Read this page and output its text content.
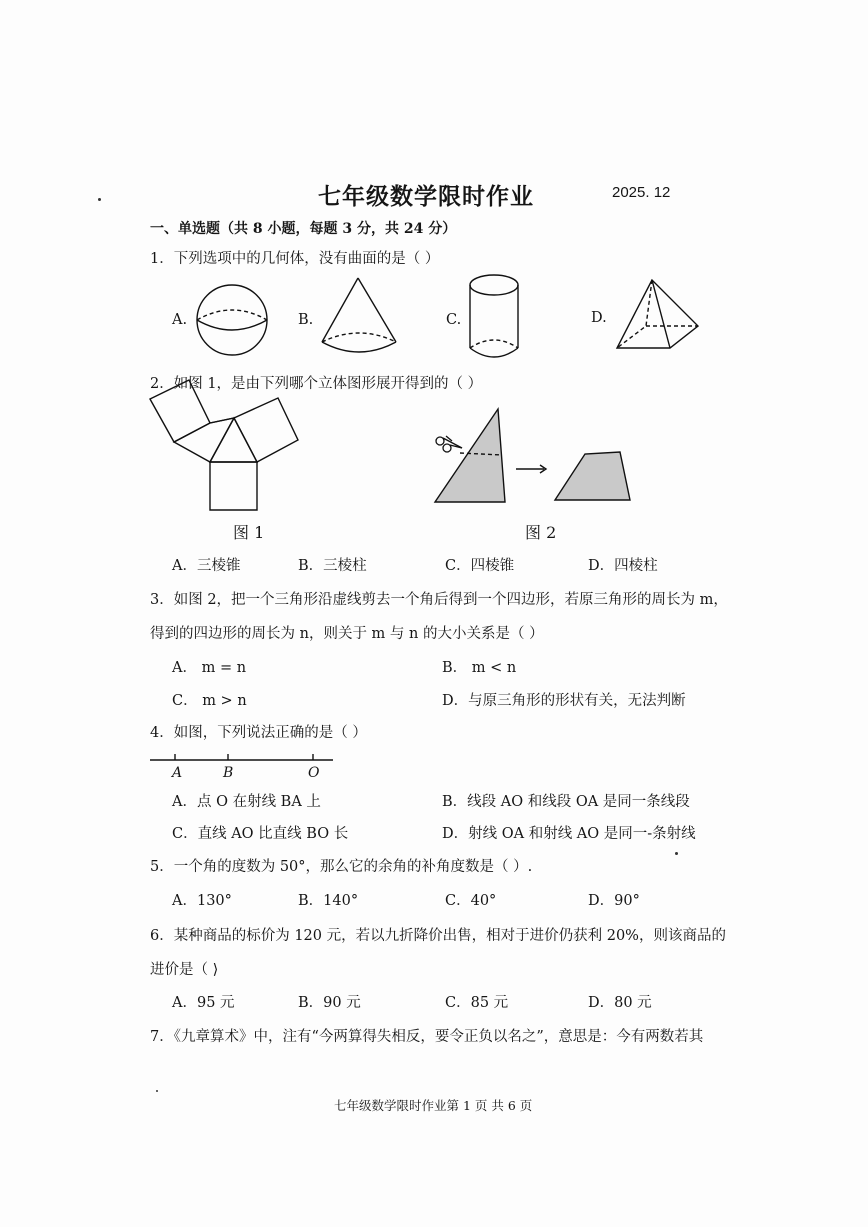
七年级数学限时作业	2025. 12
一、单选题（共 8 小题，每题 3 分，共 24 分）
1．下列选项中的几何体，没有曲面的是（ ）
A.	B.	C.	D.
A	B	O
2．如图 1，是由下列哪个立体图形展开得到的（ ）
图 1	图 2
A．三棱锥	B．三棱柱	C．四棱锥	D．四棱柱
3．如图 2，把一个三角形沿虚线剪去一个角后得到一个四边形，若原三角形的周长为 m，
得到的四边形的周长为 n，则关于 m 与 n 的大小关系是（ ）
A． m = n	B． m < n
C． m > n	D．与原三角形的形状有关，无法判断
4．如图，下列说法正确的是（ ）
A．点 O 在射线 BA 上	B．线段 AO 和线段 OA 是同一条线段
C．直线 AO 比直线 BO 长	D．射线 OA 和射线 AO 是同一-条射线
5．一个角的度数为 50°，那么它的余角的补角度数是（ ）.
A．130°	B．140°	C．40°	D．90°
6．某种商品的标价为 120 元，若以九折降价出售，相对于进价仍获利 20%，则该商品的
进价是（ ⟩
A．95 元	B．90 元	C．85 元	D．80 元
7．《九章算术》中，注有“今两算得失相反，要令正负以名之”，意思是：今有两数若其
七年级数学限时作业第 1 页 共 6 页
